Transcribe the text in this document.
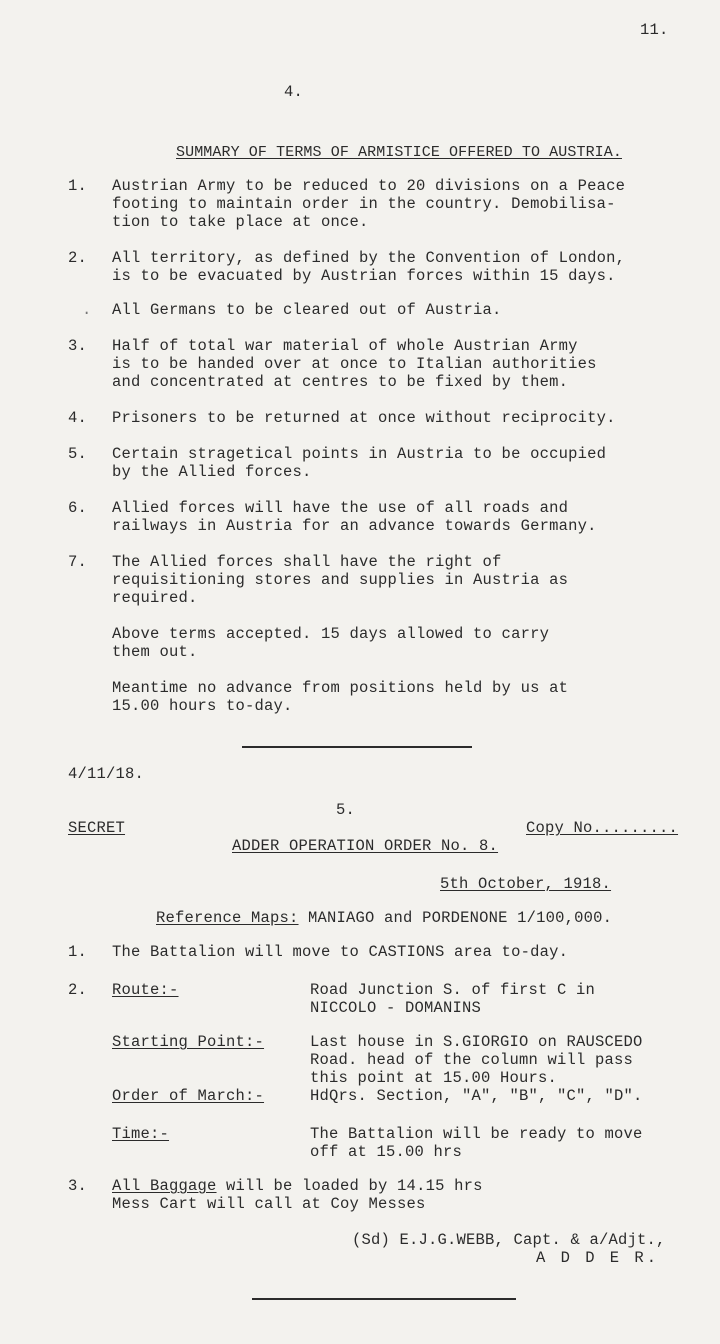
11.
4.
SUMMARY OF TERMS OF ARMISTICE OFFERED TO AUSTRIA.
1. Austrian Army to be reduced to 20 divisions on a Peace
footing to maintain order in the country. Demobilisa-
tion to take place at once.
2. All territory, as defined by the Convention of London,
is to be evacuated by Austrian forces within 15 days.
. All Germans to be cleared out of Austria.
3. Half of total war material of whole Austrian Army
is to be handed over at once to Italian authorities
and concentrated at centres to be fixed by them.
4. Prisoners to be returned at once without reciprocity.
5. Certain stragetical points in Austria to be occupied
by the Allied forces.
6. Allied forces will have the use of all roads and
railways in Austria for an advance towards Germany.
7. The Allied forces shall have the right of
requisitioning stores and supplies in Austria as
required.
Above terms accepted. 15 days allowed to carry
them out.
Meantime no advance from positions held by us at
15.00 hours to-day.
4/11/18.
5.
SECRET	Copy No.........
ADDER OPERATION ORDER No. 8.
5th October, 1918.
Reference Maps: MANIAGO and PORDENONE 1/100,000.
1. The Battalion will move to CASTIONS area to-day.
2. Route:-	Road Junction S. of first C in
NICCOLO - DOMANINS
Starting Point:-	Last house in S.GIORGIO on RAUSCEDO
Road. head of the column will pass
this point at 15.00 Hours.
Order of March:-	HdQrs. Section, "A", "B", "C", "D".
Time:-	The Battalion will be ready to move
off at 15.00 hrs
3. All Baggage will be loaded by 14.15 hrs
Mess Cart will call at Coy Messes
(Sd) E.J.G.WEBB, Capt. & a/Adjt.,
A D D E R.
